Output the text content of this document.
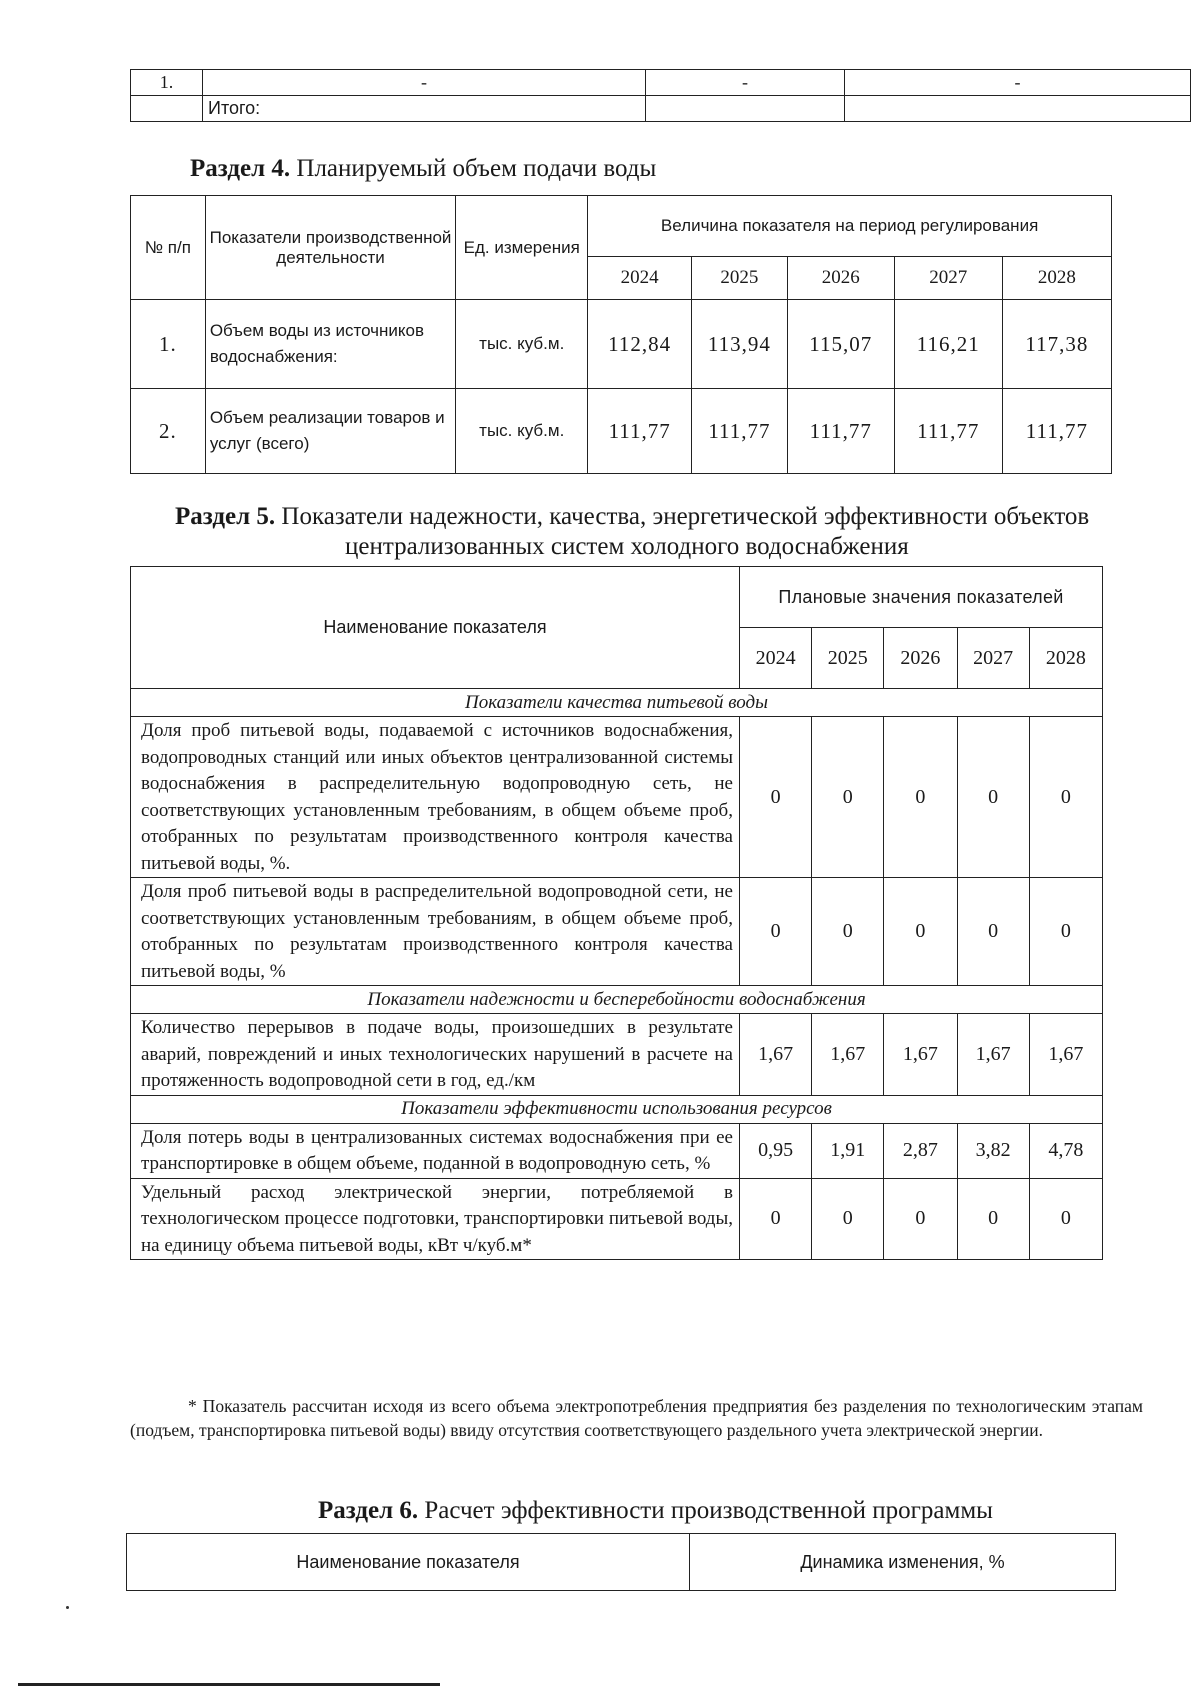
1.	-	-	-
	Итого:		
Раздел 4. Планируемый объем подачи воды
№ п/п	Показатели производственной деятельности	Ед. измерения	Величина показателя на период регулирования				
			2024	2025	2026	2027	2028
1.	Объем воды из источников водоснабжения:	тыс. куб.м.	112,84	113,94	115,07	116,21	117,38
2.	Объем реализации товаров и услуг (всего)	тыс. куб.м.	111,77	111,77	111,77	111,77	111,77
Раздел 5. Показатели надежности, качества, энергетической эффективности объектов
централизованных систем холодного водоснабжения
Наименование показателя	Плановые значения показателей				
	2024	2025	2026	2027	2028
Показатели качества питьевой воды					
Доля проб питьевой воды, подаваемой с источников водоснабжения, водопроводных станций или иных объектов централизованной системы водоснабжения в распределительную водопроводную сеть, не соответствующих установленным требованиям, в общем объеме проб, отобранных по результатам производственного контроля качества питьевой воды, %.	0	0	0	0	0
Доля проб питьевой воды в распределительной водопроводной сети, не соответствующих установленным требованиям, в общем объеме проб, отобранных по результатам производственного контроля качества питьевой воды, %	0	0	0	0	0
Показатели надежности и бесперебойности водоснабжения					
Количество перерывов в подаче воды, произошедших в результате аварий, повреждений и иных технологических нарушений в расчете на протяженность водопроводной сети в год, ед./км	1,67	1,67	1,67	1,67	1,67
Показатели эффективности использования ресурсов					
Доля потерь воды в централизованных системах водоснабжения при ее транспортировке в общем объеме, поданной в водопроводную сеть, %	0,95	1,91	2,87	3,82	4,78
Удельный расход электрической энергии, потребляемой в технологическом процессе подготовки, транспортировки питьевой воды, на единицу объема питьевой воды, кВт ч/куб.м*	0	0	0	0	0
* Показатель рассчитан исходя из всего объема электропотребления предприятия без разделения по технологическим этапам (подъем, транспортировка питьевой воды) ввиду отсутствия соответствующего раздельного учета электрической энергии.
Раздел 6. Расчет эффективности производственной программы
Наименование показателя	Динамика изменения, %
